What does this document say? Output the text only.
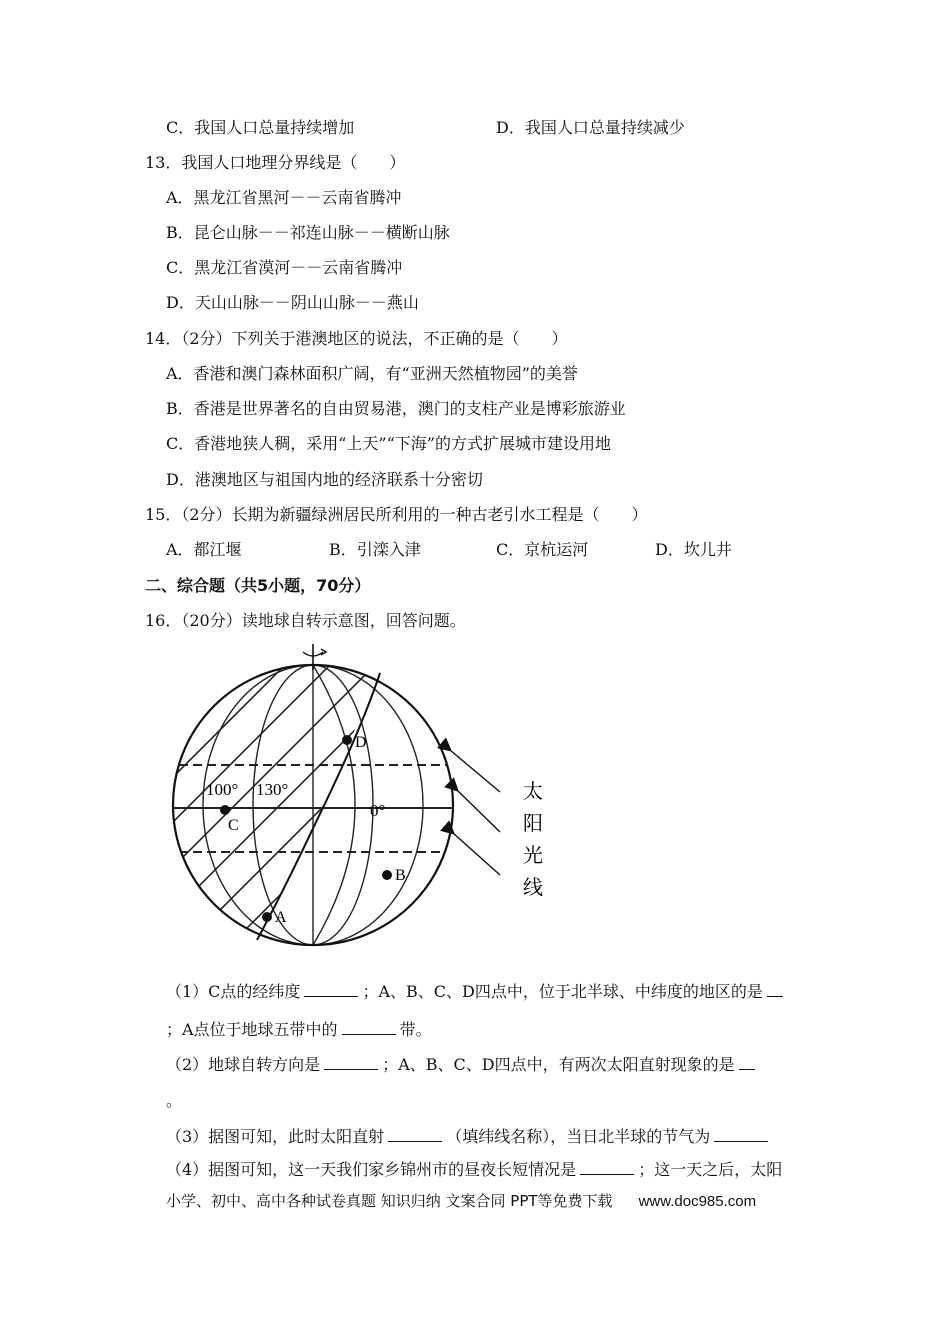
C．我国人口总量持续增加	D．我国人口总量持续减少
13．我国人口地理分界线是（　　）
A．黑龙江省黑河－－云南省腾冲
B．昆仑山脉－－祁连山脉－－横断山脉
C．黑龙江省漠河－－云南省腾冲
D．天山山脉－－阴山山脉－－燕山
14．（2分）下列关于港澳地区的说法，不正确的是（　　）
A．香港和澳门森林面积广阔，有“亚洲天然植物园”的美誉
B．香港是世界著名的自由贸易港，澳门的支柱产业是博彩旅游业
C．香港地狭人稠，采用“上天”“下海”的方式扩展城市建设用地
D．港澳地区与祖国内地的经济联系十分密切
15．（2分）长期为新疆绿洲居民所利用的一种古老引水工程是（　　）
A．都江堰	B．引滦入津	C．京杭运河	D．坎儿井
二、综合题（共5小题，70分）
16．（20分）读地球自转示意图，回答问题。
D
C
B
A
100° 130°
0°
太
阳
光
线
（1）C点的经纬度	；A、B、C、D四点中，位于北半球、中纬度的地区的是
；A点位于地球五带中的	带。
（2）地球自转方向是	；A、B、C、D四点中，有两次太阳直射现象的是
。
（3）据图可知，此时太阳直射	（填纬线名称），当日北半球的节气为
（4）据图可知，这一天我们家乡锦州市的昼夜长短情况是	；这一天之后，太阳
小学、初中、高中各种试卷真题 知识归纳 文案合同 PPT等免费下载 www.doc985.com
